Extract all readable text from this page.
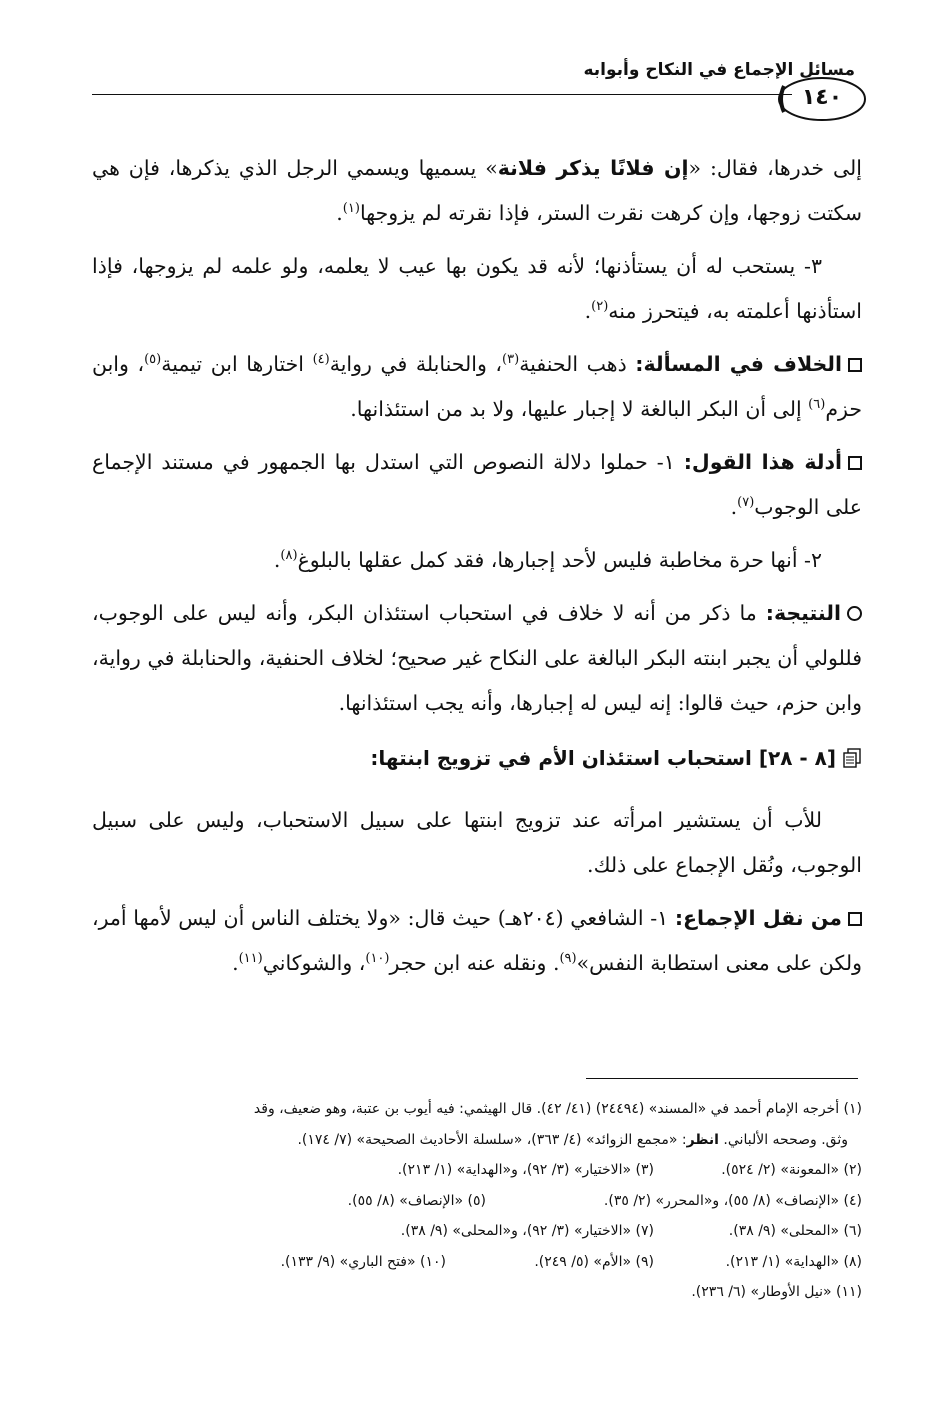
مسائل الإجماع في النكاح وأبوابه
١٤٠

إلى خدرها، فقال: «إن فلانًا يذكر فلانة» يسميها ويسمي الرجل الذي يذكرها، فإن هي سكتت زوجها، وإن كرهت نقرت الستر، فإذا نقرته لم يزوجها$^{(١)}$.

٣- يستحب له أن يستأذنها؛ لأنه قد يكون بها عيب لا يعلمه، ولو علمه لم يزوجها، فإذا استأذنها أعلمته به، فيتحرز منه$^{(٢)}$.

الخلاف في المسألة: ذهب الحنفية$^{(٣)}$، والحنابلة في رواية$^{(٤)}$ اختارها ابن تيمية$^{(٥)}$، وابن حزم$^{(٦)}$ إلى أن البكر البالغة لا إجبار عليها، ولا بد من استئذانها.

أدلة هذا القول: ١- حملوا دلالة النصوص التي استدل بها الجمهور في مستند الإجماع على الوجوب$^{(٧)}$.

٢- أنها حرة مخاطبة فليس لأحد إجبارها، فقد كمل عقلها بالبلوغ$^{(٨)}$.

النتيجة: ما ذكر من أنه لا خلاف في استحباب استئذان البكر، وأنه ليس على الوجوب، فللولي أن يجبر ابنته البكر البالغة على النكاح غير صحيح؛ لخلاف الحنفية، والحنابلة في رواية، وابن حزم، حيث قالوا: إنه ليس له إجبارها، وأنه يجب استئذانها.

[٨ - ٢٨] استحباب استئذان الأم في تزويج ابنتها:

للأب أن يستشير امرأته عند تزويج ابنتها على سبيل الاستحباب، وليس على سبيل الوجوب، ونُقل الإجماع على ذلك.

من نقل الإجماع: ١- الشافعي (٢٠٤هـ) حيث قال: «ولا يختلف الناس أن ليس لأمها أمر، ولكن على معنى استطابة النفس»$^{(٩)}$. ونقله عنه ابن حجر$^{(١٠)}$، والشوكاني$^{(١١)}$.

(١) أخرجه الإمام أحمد في «المسند» (٢٤٤٩٤) (٤١/ ٤٢). قال الهيثمي: فيه أيوب بن عتبة، وهو ضعيف، وقد
وثق. وصححه الألباني. انظر: «مجمع الزوائد» (٤/ ٣٦٣)، «سلسلة الأحاديث الصحيحة» (٧/ ١٧٤).
(٢) «المعونة» (٢/ ٥٢٤).
(٣) «الاختيار» (٣/ ٩٢)، و«الهداية» (١/ ٢١٣).
(٤) «الإنصاف» (٨/ ٥٥)، و«المحرر» (٢/ ٣٥).
(٥) «الإنصاف» (٨/ ٥٥).
(٦) «المحلى» (٩/ ٣٨).
(٧) «الاختيار» (٣/ ٩٢)، و«المحلى» (٩/ ٣٨).
(٨) «الهداية» (١/ ٢١٣).
(٩) «الأم» (٥/ ٢٤٩).
(١٠) «فتح الباري» (٩/ ١٣٣).
(١١) «نيل الأوطار» (٦/ ٢٣٦).
